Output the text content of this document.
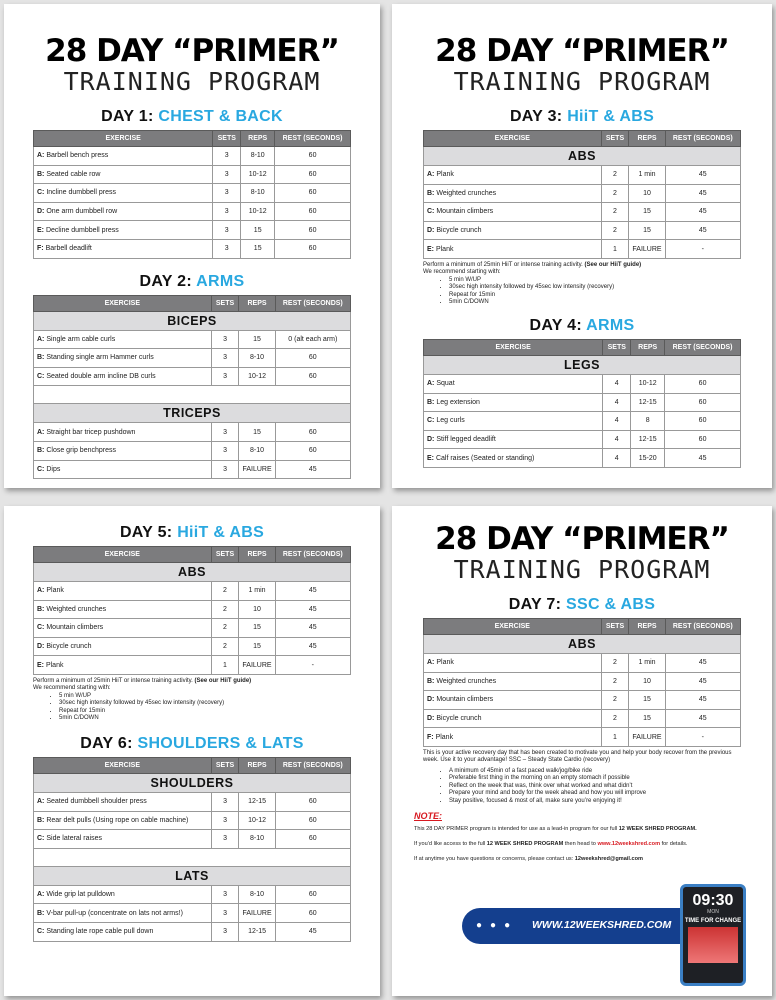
28 DAY “PRIMER”
TRAINING PROGRAM
DAY 1: CHEST & BACK
EXERCISE	SETS	REPS	REST (SECONDS)
A: Barbell bench press	3	8-10	60
B: Seated cable row	3	10-12	60
C: Incline dumbbell press	3	8-10	60
D: One arm dumbbell row	3	10-12	60
E: Decline dumbbell press	3	15	60
F: Barbell deadlift	3	15	60
DAY 2: ARMS
EXERCISE	SETS	REPS	REST (SECONDS)
BICEPS			
A: Single arm cable curls	3	15	0 (alt each arm)
B: Standing single arm Hammer curls	3	8-10	60
C: Seated double arm incline DB curls	3	10-12	60

TRICEPS			
A: Straight bar tricep pushdown	3	15	60
B: Close grip benchpress	3	8-10	60
C: Dips	3	FAILURE	45
28 DAY “PRIMER”
TRAINING PROGRAM
DAY 3: HiiT & ABS
EXERCISE	SETS	REPS	REST (SECONDS)
ABS			
A: Plank	2	1 min	45
B: Weighted crunches	2	10	45
C: Mountain climbers	2	15	45
D: Bicycle crunch	2	15	45
E: Plank	1	FAILURE	-
Perform a minimum of 25min HiiT or intense training activity. (See our HiiT guide)
We recommend starting with:
• 5 min W/UP
• 30sec high intensity followed by 45sec low intensity (recovery)
• Repeat for 15min
• 5min C/DOWN
DAY 4: ARMS
EXERCISE	SETS	REPS	REST (SECONDS)
LEGS			
A: Squat	4	10-12	60
B: Leg extension	4	12-15	60
C: Leg curls	4	8	60
D: Stiff legged deadlift	4	12-15	60
E: Calf raises (Seated or standing)	4	15-20	45
DAY 5: HiiT & ABS
EXERCISE	SETS	REPS	REST (SECONDS)
ABS			
A: Plank	2	1 min	45
B: Weighted crunches	2	10	45
C: Mountain climbers	2	15	45
D: Bicycle crunch	2	15	45
E: Plank	1	FAILURE	-
Perform a minimum of 25min HiiT or intense training activity. (See our HiiT guide)
We recommend starting with:
• 5 min W/UP
• 30sec high intensity followed by 45sec low intensity (recovery)
• Repeat for 15min
• 5min C/DOWN
DAY 6: SHOULDERS & LATS
EXERCISE	SETS	REPS	REST (SECONDS)
SHOULDERS			
A: Seated dumbbell shoulder press	3	12-15	60
B: Rear delt pulls (Using rope on cable machine)	3	10-12	60
C: Side lateral raises	3	8-10	60

LATS			
A: Wide grip lat pulldown	3	8-10	60
B: V-bar pull-up (concentrate on lats not arms!)	3	FAILURE	60
C: Standing late rope cable pull down	3	12-15	45
28 DAY “PRIMER”
TRAINING PROGRAM
DAY 7: SSC & ABS
EXERCISE	SETS	REPS	REST (SECONDS)
ABS			
A: Plank	2	1 min	45
B: Weighted crunches	2	10	45
D: Mountain climbers	2	15	45
D: Bicycle crunch	2	15	45
F: Plank	1	FAILURE	-
This is your active recovery day that has been created to motivate you and help your body recover from the previous week. Use it to your advantage! SSC – Steady State Cardio (recovery)
• A minimum of 45min of a fast paced walk/jog/bike ride
• Preferable first thing in the morning on an empty stomach if possible
• Reflect on the week that was, think over what worked and what didn’t
• Prepare your mind and body for the week ahead and how you will improve
• Stay positive, focused & most of all, make sure you’re enjoying it!
NOTE:
This 28 DAY PRIMER program is intended for use as a lead-in program for our full 12 WEEK SHRED PROGRAM.
If you’d like access to the full 12 WEEK SHRED PROGRAM then head to www.12weekshred.com for details.
If at anytime you have questions or concerns, please contact us: 12weekshred@gmail.com
●●● WWW.12WEEKSHRED.COM
09:30
MON
TIME FOR CHANGE
